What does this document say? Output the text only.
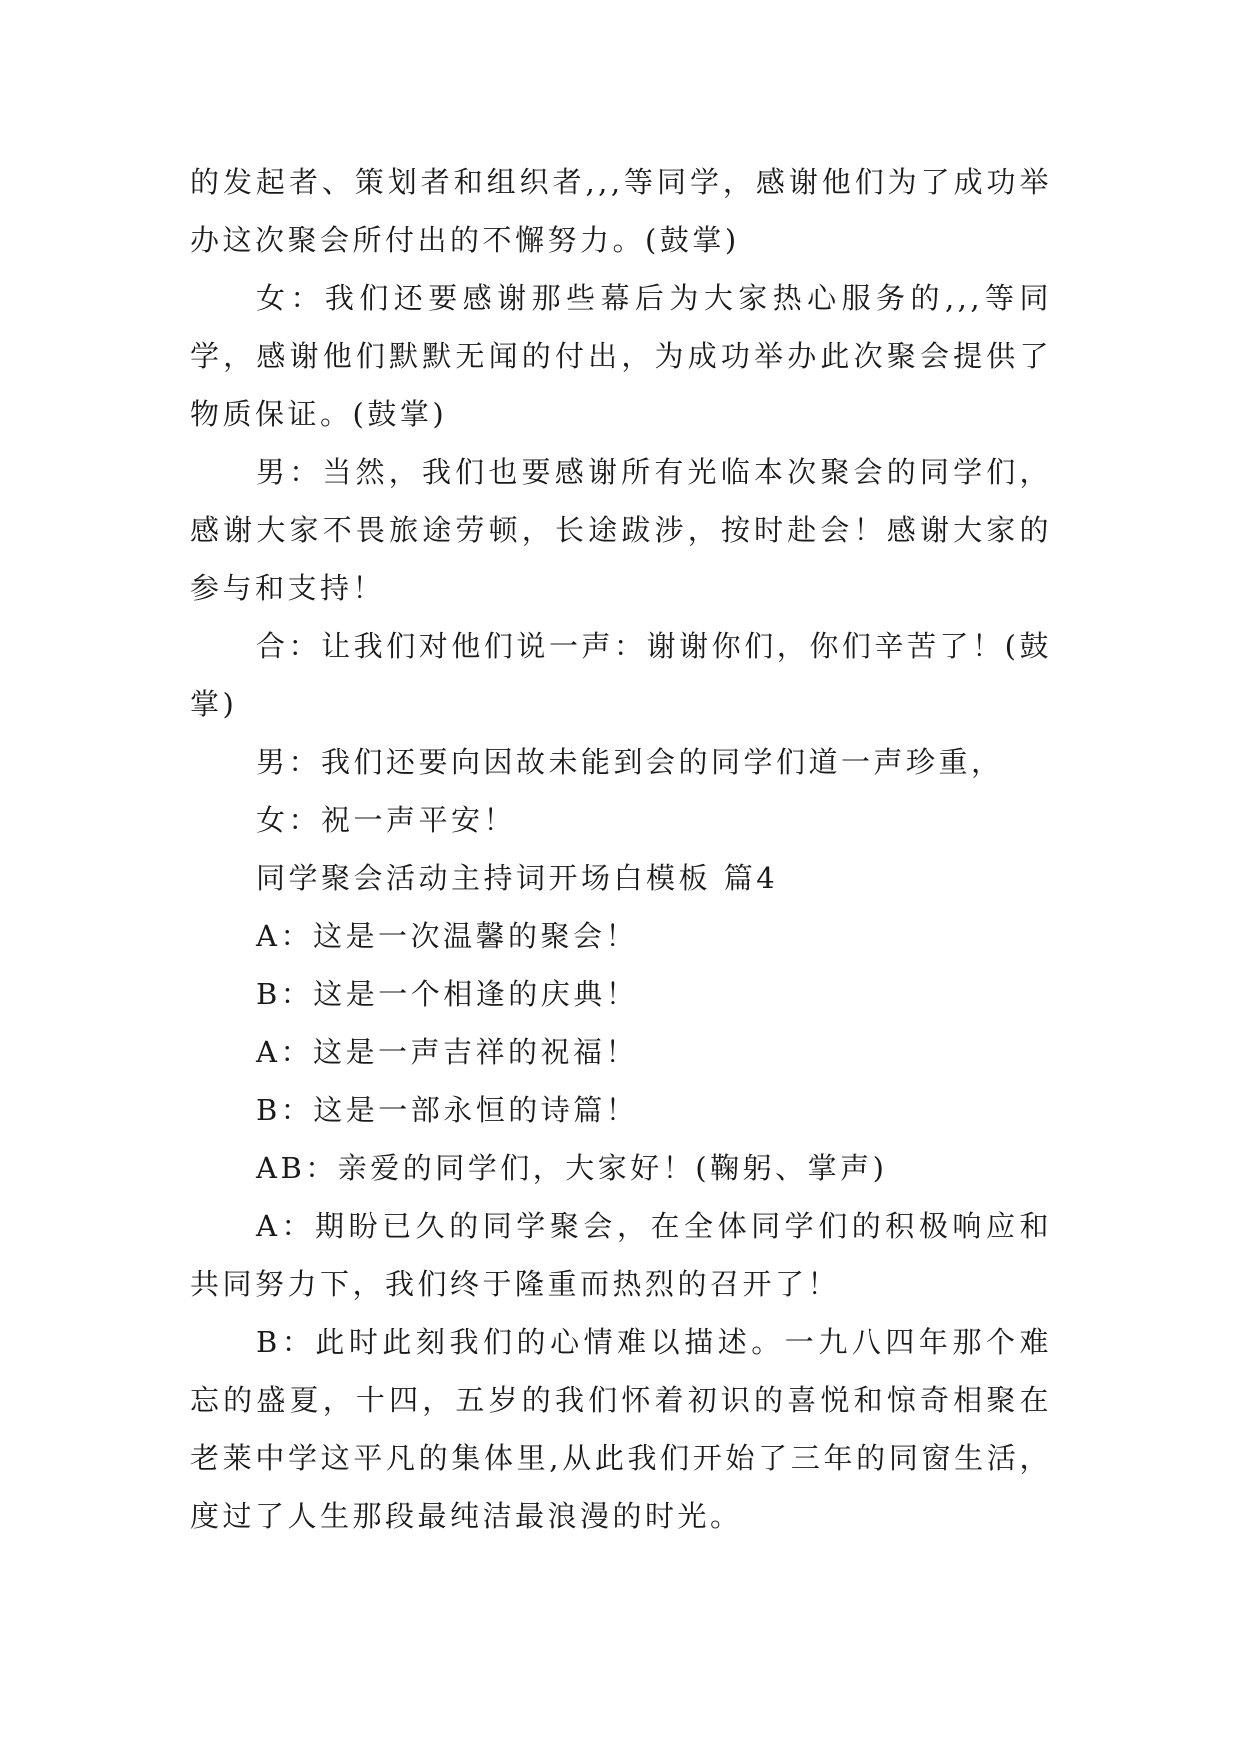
的发起者、策划者和组织者,,,等同学，感谢他们为了成功举办这次聚会所付出的不懈努力。(鼓掌)

女：我们还要感谢那些幕后为大家热心服务的,,,等同学，感谢他们默默无闻的付出，为成功举办此次聚会提供了物质保证。(鼓掌)

男：当然，我们也要感谢所有光临本次聚会的同学们，感谢大家不畏旅途劳顿，长途跋涉，按时赴会！感谢大家的参与和支持！

合：让我们对他们说一声：谢谢你们，你们辛苦了！(鼓掌)

男：我们还要向因故未能到会的同学们道一声珍重，

女：祝一声平安！

同学聚会活动主持词开场白模板 篇4

A：这是一次温馨的聚会！

B：这是一个相逢的庆典！

A：这是一声吉祥的祝福！

B：这是一部永恒的诗篇！

AB：亲爱的同学们，大家好！(鞠躬、掌声)

A：期盼已久的同学聚会，在全体同学们的积极响应和共同努力下，我们终于隆重而热烈的召开了！

B：此时此刻我们的心情难以描述。一九八四年那个难忘的盛夏，十四，五岁的我们怀着初识的喜悦和惊奇相聚在老莱中学这平凡的集体里,从此我们开始了三年的同窗生活，度过了人生那段最纯洁最浪漫的时光。
